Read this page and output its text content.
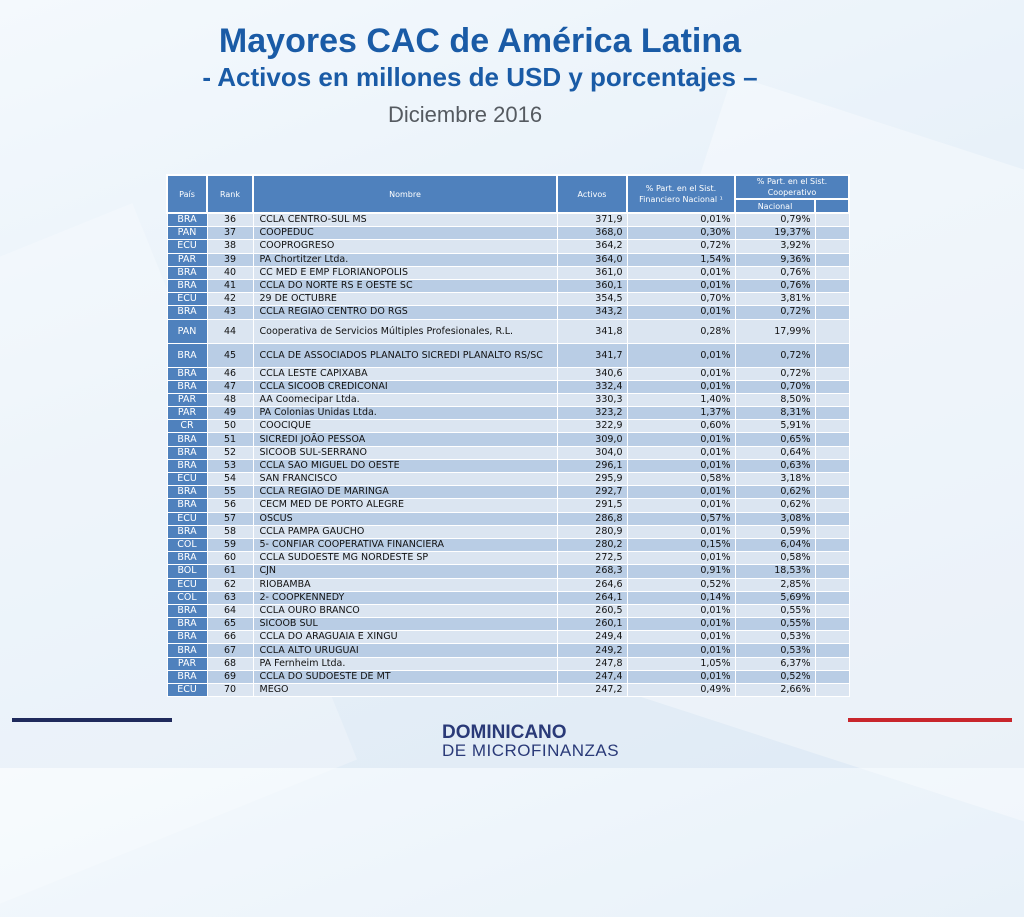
Mayores CAC de América Latina
- Activos en millones de USD y porcentajes –

Diciembre 2016

DOMINICANO
DE MICROFINANZAS
País	Rank	Nombre	Activos	% Part. en el Sist. Financiero Nacional ¹	% Part. en el Sist. Cooperativo	
					Nacional	
BRA	36	CCLA CENTRO-SUL MS	371,9	0,01%	0,79%	
PAN	37	COOPEDUC	368,0	0,30%	19,37%	
ECU	38	COOPROGRESO	364,2	0,72%	3,92%	
PAR	39	PA Chortitzer Ltda.	364,0	1,54%	9,36%	
BRA	40	CC MÉD E EMP FLORIANÓPOLIS	361,0	0,01%	0,76%	
BRA	41	CCLA DO NORTE RS E OESTE SC	360,1	0,01%	0,76%	
ECU	42	29 DE OCTUBRE	354,5	0,70%	3,81%	
BRA	43	CCLA REGIÃO CENTRO DO RGS	343,2	0,01%	0,72%	
PAN	44	Cooperativa de Servicios Múltiples Profesionales, R.L.	341,8	0,28%	17,99%	
BRA	45	CCLA DE ASSOCIADOS PLANALTO SICREDI PLANALTO RS/SC	341,7	0,01%	0,72%	
BRA	46	CCLA LESTE CAPIXABA	340,6	0,01%	0,72%	
BRA	47	CCLA SICOOB CREDICONAI	332,4	0,01%	0,70%	
PAR	48	AA Coomecipar Ltda.	330,3	1,40%	8,50%	
PAR	49	PA Colonias Unidas Ltda.	323,2	1,37%	8,31%	
CR	50	COOCIQUE	322,9	0,60%	5,91%	
BRA	51	SICREDI JOÃO PESSOA	309,0	0,01%	0,65%	
BRA	52	SICOOB SUL-SERRANO	304,0	0,01%	0,64%	
BRA	53	CCLA SÃO MIGUEL DO OESTE	296,1	0,01%	0,63%	
ECU	54	SAN FRANCISCO	295,9	0,58%	3,18%	
BRA	55	CCLA REGIÃO DE MARINGÁ	292,7	0,01%	0,62%	
BRA	56	CECM MÉD DE PORTO ALEGRE	291,5	0,01%	0,62%	
ECU	57	OSCUS	286,8	0,57%	3,08%	
BRA	58	CCLA PAMPA GAÚCHO	280,9	0,01%	0,59%	
COL	59	5- CONFIAR COOPERATIVA FINANCIERA	280,2	0,15%	6,04%	
BRA	60	CCLA SUDOESTE MG NORDESTE SP	272,5	0,01%	0,58%	
BOL	61	CJN	268,3	0,91%	18,53%	
ECU	62	RIOBAMBA	264,6	0,52%	2,85%	
COL	63	2- COOPKENNEDY	264,1	0,14%	5,69%	
BRA	64	CCLA OURO BRANCO	260,5	0,01%	0,55%	
BRA	65	SICOOB SUL	260,1	0,01%	0,55%	
BRA	66	CCLA DO ARAGUAIA E XINGU	249,4	0,01%	0,53%	
BRA	67	CCLA ALTO URUGUAI	249,2	0,01%	0,53%	
PAR	68	PA Fernheim Ltda.	247,8	1,05%	6,37%	
BRA	69	CCLA DO SUDOESTE DE MT	247,4	0,01%	0,52%	
ECU	70	MEGO	247,2	0,49%	2,66%	
